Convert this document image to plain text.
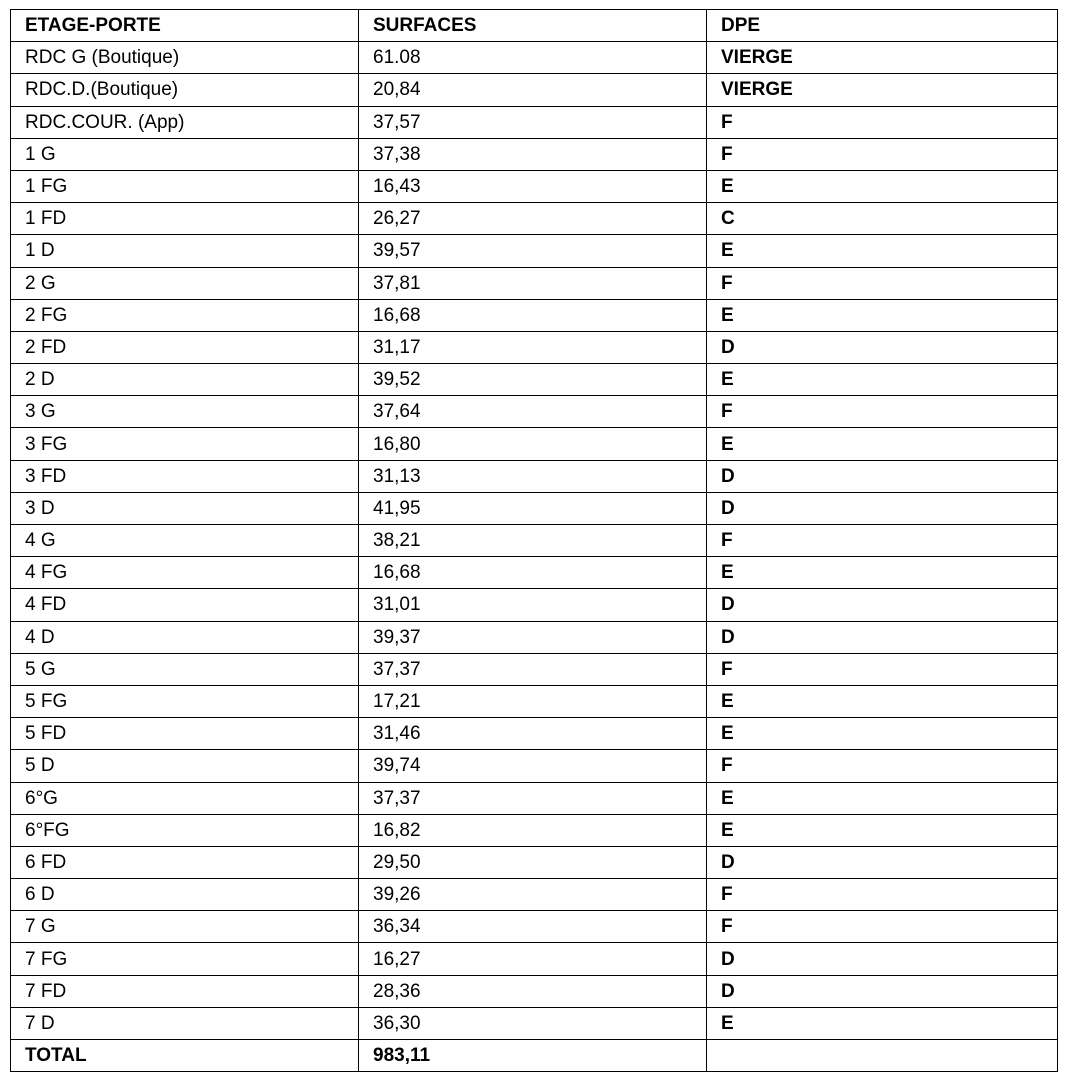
ETAGE-PORTE	SURFACES	DPE
RDC G (Boutique)	61.08	VIERGE
RDC.D.(Boutique)	20,84	VIERGE
RDC.COUR. (App)	37,57	F
1 G	37,38	F
1 FG	16,43	E
1 FD	26,27	C
1 D	39,57	E
2 G	37,81	F
2 FG	16,68	E
2 FD	31,17	D
2 D	39,52	E
3 G	37,64	F
3 FG	16,80	E
3 FD	31,13	D
3 D	41,95	D
4 G	38,21	F
4 FG	16,68	E
4 FD	31,01	D
4 D	39,37	D
5 G	37,37	F
5 FG	17,21	E
5 FD	31,46	E
5 D	39,74	F
6°G	37,37	E
6°FG	16,82	E
6 FD	29,50	D
6 D	39,26	F
7 G	36,34	F
7 FG	16,27	D
7 FD	28,36	D
7 D	36,30	E
TOTAL	983,11	
